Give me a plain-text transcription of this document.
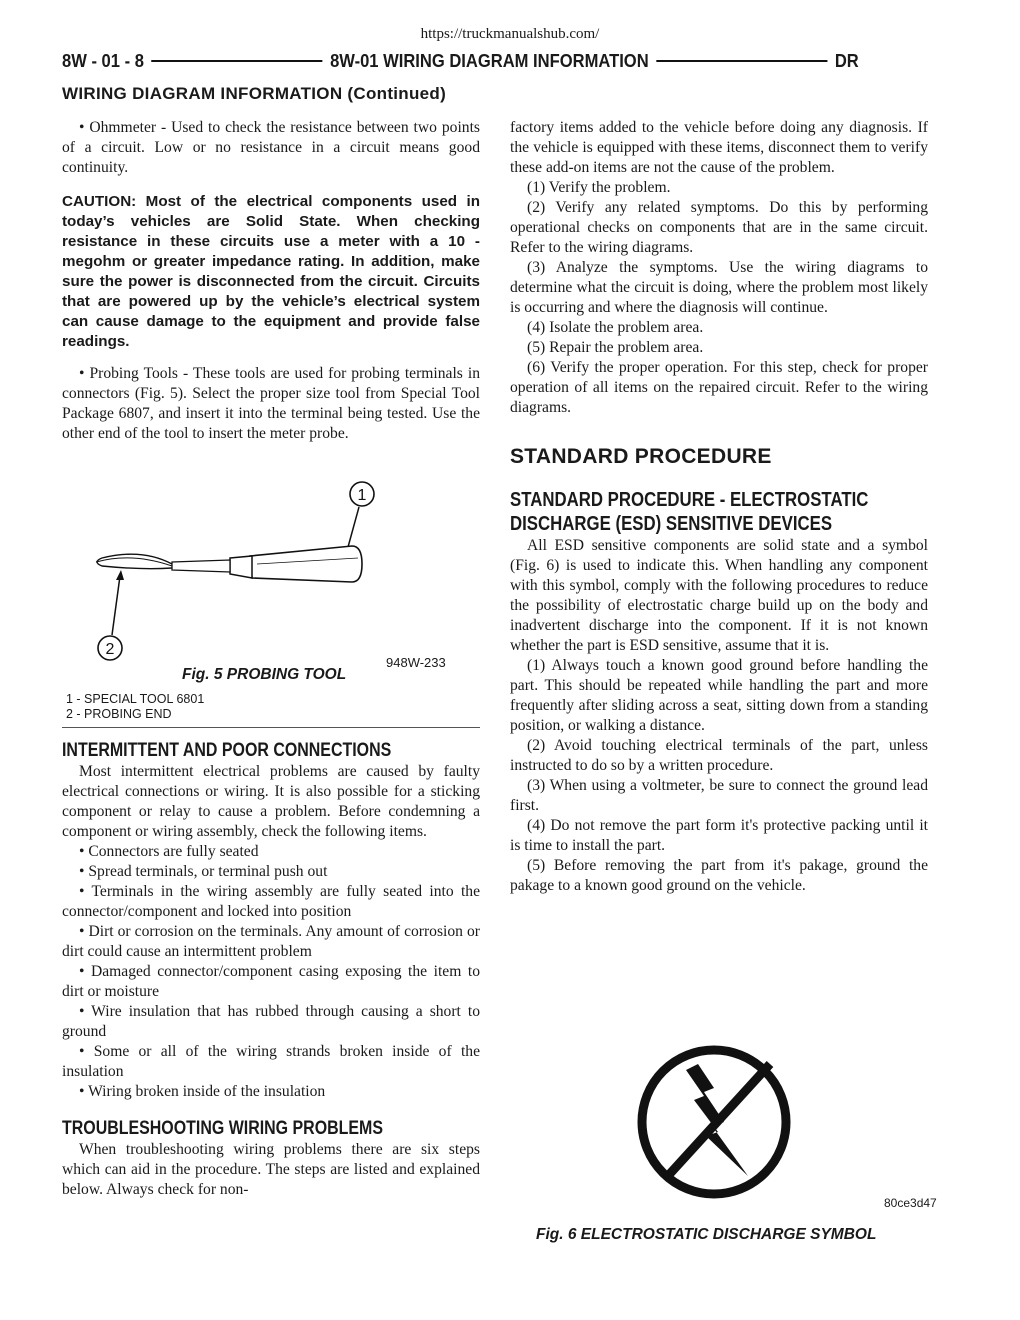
https://truckmanualshub.com/
8W - 01 - 8	8W-01 WIRING DIAGRAM INFORMATION	DR
WIRING DIAGRAM INFORMATION (Continued)

• Ohmmeter - Used to check the resistance between two points of a circuit. Low or no resistance in a circuit means good continuity.

CAUTION: Most of the electrical components used in today’s vehicles are Solid State. When checking resistance in these circuits use a meter with a 10 - megohm or greater impedance rating. In addition, make sure the power is disconnected from the circuit. Circuits that are powered up by the vehicle’s electrical system can cause damage to the equipment and provide false readings.

• Probing Tools - These tools are used for probing terminals in connectors (Fig. 5). Select the proper size tool from Special Tool Package 6807, and insert it into the terminal being tested. Use the other end of the tool to insert the meter probe.

1
2
948W-233
Fig. 5 PROBING TOOL
1 - SPECIAL TOOL 6801
2 - PROBING END

INTERMITTENT AND POOR CONNECTIONS

Most intermittent electrical problems are caused by faulty electrical connections or wiring. It is also possible for a sticking component or relay to cause a problem. Before condemning a component or wiring assembly, check the following items.

• Connectors are fully seated

• Spread terminals, or terminal push out

• Terminals in the wiring assembly are fully seated into the connector/component and locked into position

• Dirt or corrosion on the terminals. Any amount of corrosion or dirt could cause an intermittent problem

• Damaged connector/component casing exposing the item to dirt or moisture

• Wire insulation that has rubbed through causing a short to ground

• Some or all of the wiring strands broken inside of the insulation

• Wiring broken inside of the insulation

TROUBLESHOOTING WIRING PROBLEMS

When troubleshooting wiring problems there are six steps which can aid in the procedure. The steps are listed and explained below. Always check for non-

factory items added to the vehicle before doing any diagnosis. If the vehicle is equipped with these items, disconnect them to verify these add-on items are not the cause of the problem.

(1) Verify the problem.

(2) Verify any related symptoms. Do this by performing operational checks on components that are in the same circuit. Refer to the wiring diagrams.

(3) Analyze the symptoms. Use the wiring diagrams to determine what the circuit is doing, where the problem most likely is occurring and where the diagnosis will continue.

(4) Isolate the problem area.

(5) Repair the problem area.

(6) Verify the proper operation. For this step, check for proper operation of all items on the repaired circuit. Refer to the wiring diagrams.

STANDARD PROCEDURE

STANDARD PROCEDURE - ELECTROSTATIC

DISCHARGE (ESD) SENSITIVE DEVICES

All ESD sensitive components are solid state and a symbol (Fig. 6) is used to indicate this. When handling any component with this symbol, comply with the following procedures to reduce the possibility of electrostatic charge build up on the body and inadvertent discharge into the component. If it is not known whether the part is ESD sensitive, assume that it is.

(1) Always touch a known good ground before handling the part. This should be repeated while handling the part and more frequently after sliding across a seat, sitting down from a standing position, or walking a distance.

(2) Avoid touching electrical terminals of the part, unless instructed to do so by a written procedure.

(3) When using a voltmeter, be sure to connect the ground lead first.

(4) Do not remove the part form it's protective packing until it is time to install the part.

(5) Before removing the part from it's pakage, ground the pakage to a known good ground on the vehicle.

80ce3d47
Fig. 6 ELECTROSTATIC DISCHARGE SYMBOL
